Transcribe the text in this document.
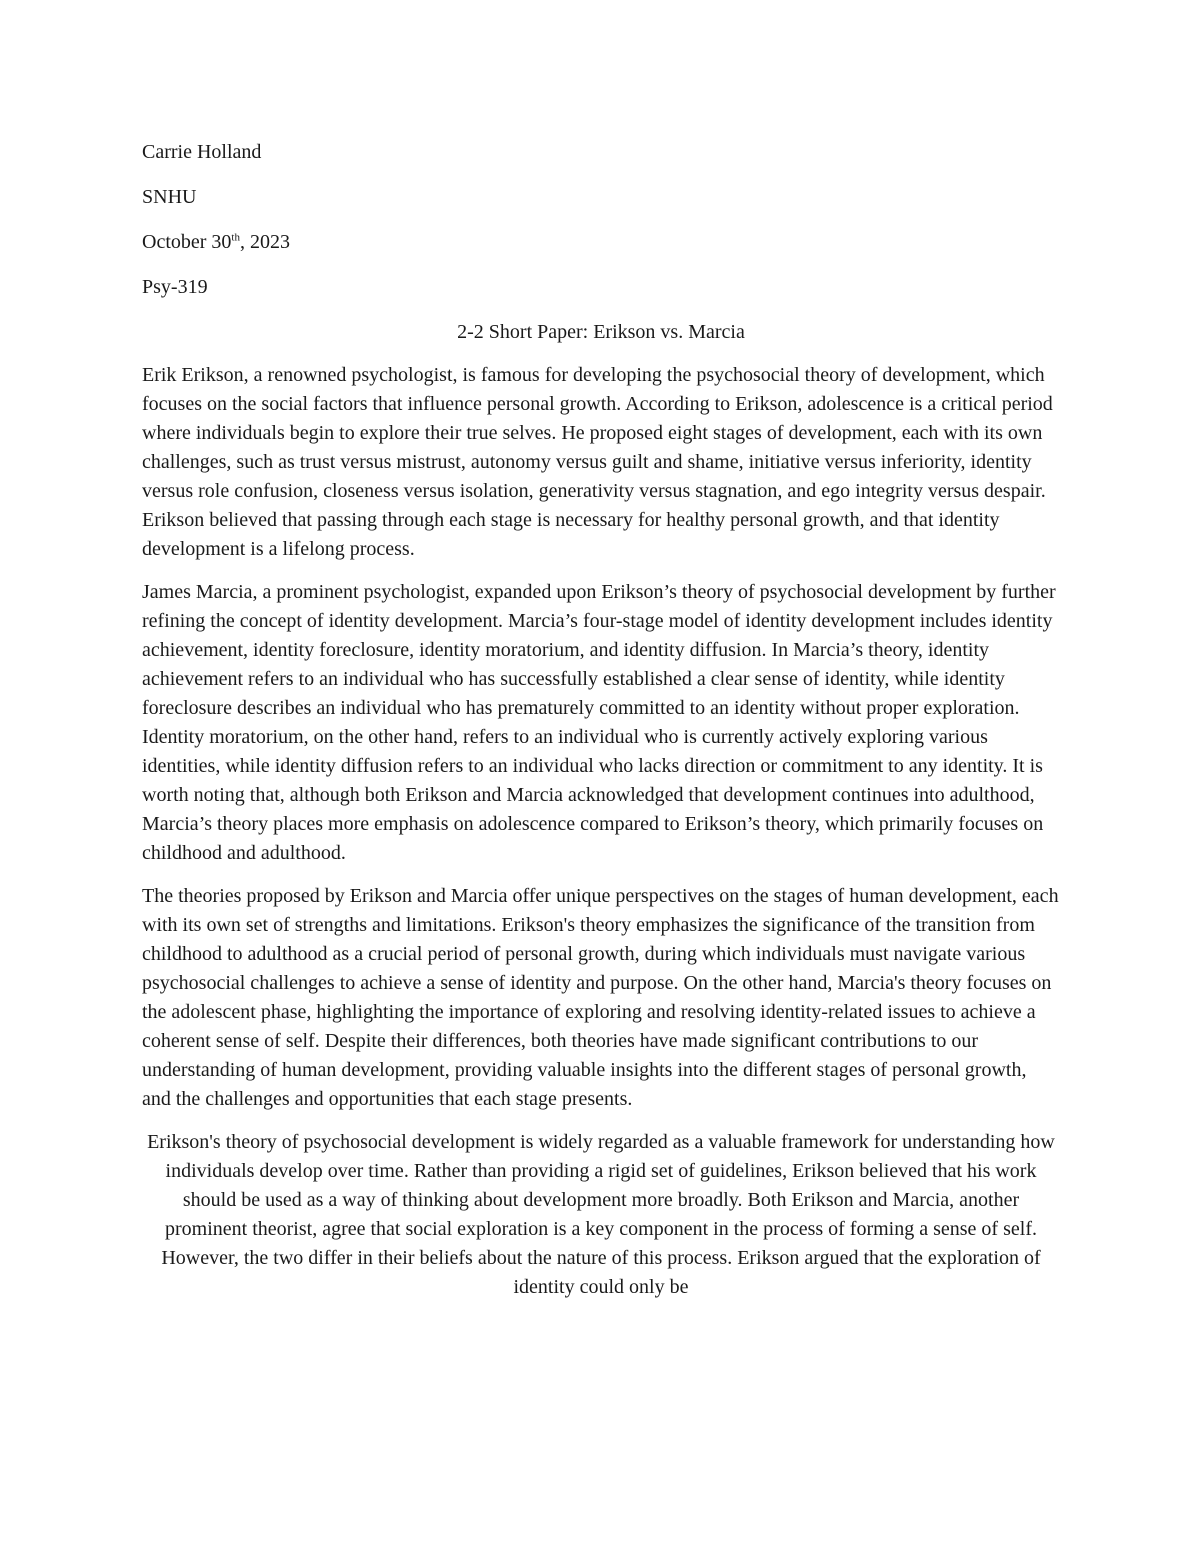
Carrie Holland
SNHU
October 30th, 2023
Psy-319
2-2 Short Paper: Erikson vs. Marcia

Erik Erikson, a renowned psychologist, is famous for developing the psychosocial theory of development, which focuses on the social factors that influence personal growth. According to Erikson, adolescence is a critical period where individuals begin to explore their true selves. He proposed eight stages of development, each with its own challenges, such as trust versus mistrust, autonomy versus guilt and shame, initiative versus inferiority, identity versus role confusion, closeness versus isolation, generativity versus stagnation, and ego integrity versus despair. Erikson believed that passing through each stage is necessary for healthy personal growth, and that identity development is a lifelong process.

James Marcia, a prominent psychologist, expanded upon Erikson’s theory of psychosocial development by further refining the concept of identity development. Marcia’s four-stage model of identity development includes identity achievement, identity foreclosure, identity moratorium, and identity diffusion. In Marcia’s theory, identity achievement refers to an individual who has successfully established a clear sense of identity, while identity foreclosure describes an individual who has prematurely committed to an identity without proper exploration. Identity moratorium, on the other hand, refers to an individual who is currently actively exploring various identities, while identity diffusion refers to an individual who lacks direction or commitment to any identity. It is worth noting that, although both Erikson and Marcia acknowledged that development continues into adulthood, Marcia’s theory places more emphasis on adolescence compared to Erikson’s theory, which primarily focuses on childhood and adulthood.

The theories proposed by Erikson and Marcia offer unique perspectives on the stages of human development, each with its own set of strengths and limitations. Erikson's theory emphasizes the significance of the transition from childhood to adulthood as a crucial period of personal growth, during which individuals must navigate various psychosocial challenges to achieve a sense of identity and purpose. On the other hand, Marcia's theory focuses on the adolescent phase, highlighting the importance of exploring and resolving identity-related issues to achieve a coherent sense of self. Despite their differences, both theories have made significant contributions to our understanding of human development, providing valuable insights into the different stages of personal growth, and the challenges and opportunities that each stage presents.

Erikson's theory of psychosocial development is widely regarded as a valuable framework for understanding how individuals develop over time. Rather than providing a rigid set of guidelines, Erikson believed that his work should be used as a way of thinking about development more broadly. Both Erikson and Marcia, another prominent theorist, agree that social exploration is a key component in the process of forming a sense of self. However, the two differ in their beliefs about the nature of this process. Erikson argued that the exploration of identity could only be
